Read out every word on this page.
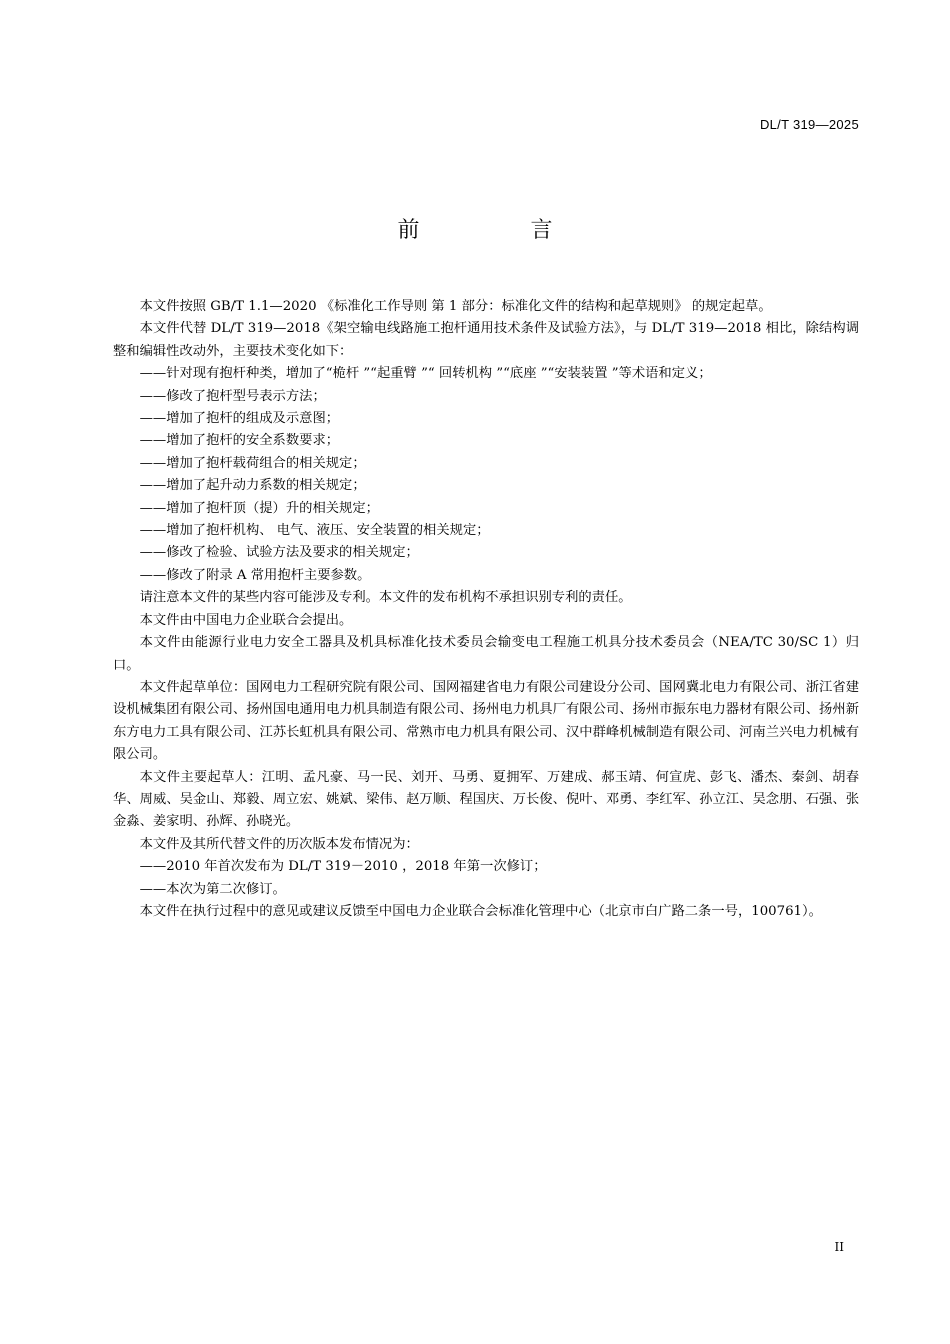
DL/T 319—2025
前 言

本文件按照 GB/T 1.1—2020 《标准化工作导则 第 1 部分：标准化文件的结构和起草规则》 的规定起草。

本文件代替 DL/T 319—2018《架空输电线路施工抱杆通用技术条件及试验方法》，与 DL/T 319—2018 相比，除结构调整和编辑性改动外，主要技术变化如下：

——针对现有抱杆种类，增加了“桅杆 ”“起重臂 ”“ 回转机构 ”“底座 ”“安装装置 ”等术语和定义；

——修改了抱杆型号表示方法；

——增加了抱杆的组成及示意图；

——增加了抱杆的安全系数要求；

——增加了抱杆载荷组合的相关规定；

——增加了起升动力系数的相关规定；

——增加了抱杆顶（提）升的相关规定；

——增加了抱杆机构、 电气、液压、安全装置的相关规定；

——修改了检验、试验方法及要求的相关规定；

——修改了附录 A 常用抱杆主要参数。

请注意本文件的某些内容可能涉及专利。本文件的发布机构不承担识别专利的责任。

本文件由中国电力企业联合会提出。

本文件由能源行业电力安全工器具及机具标准化技术委员会输变电工程施工机具分技术委员会（NEA/TC 30/SC 1）归口。

本文件起草单位：国网电力工程研究院有限公司、国网福建省电力有限公司建设分公司、国网冀北电力有限公司、浙江省建设机械集团有限公司、扬州国电通用电力机具制造有限公司、扬州电力机具厂有限公司、扬州市振东电力器材有限公司、扬州新东方电力工具有限公司、江苏长虹机具有限公司、常熟市电力机具有限公司、汉中群峰机械制造有限公司、河南兰兴电力机械有限公司。

本文件主要起草人：江明、孟凡豪、马一民、刘开、马勇、夏拥军、万建成、郝玉靖、何宣虎、彭飞、潘杰、秦剑、胡春华、周威、吴金山、郑毅、周立宏、姚斌、梁伟、赵万顺、程国庆、万长俊、倪叶、邓勇、李红军、孙立江、吴念朋、石强、张金淼、姜家明、孙辉、孙晓光。

本文件及其所代替文件的历次版本发布情况为：

——2010 年首次发布为 DL/T 319－2010 ，2018 年第一次修订；

——本次为第二次修订。

本文件在执行过程中的意见或建议反馈至中国电力企业联合会标准化管理中心（北京市白广路二条一号，100761）。

II
